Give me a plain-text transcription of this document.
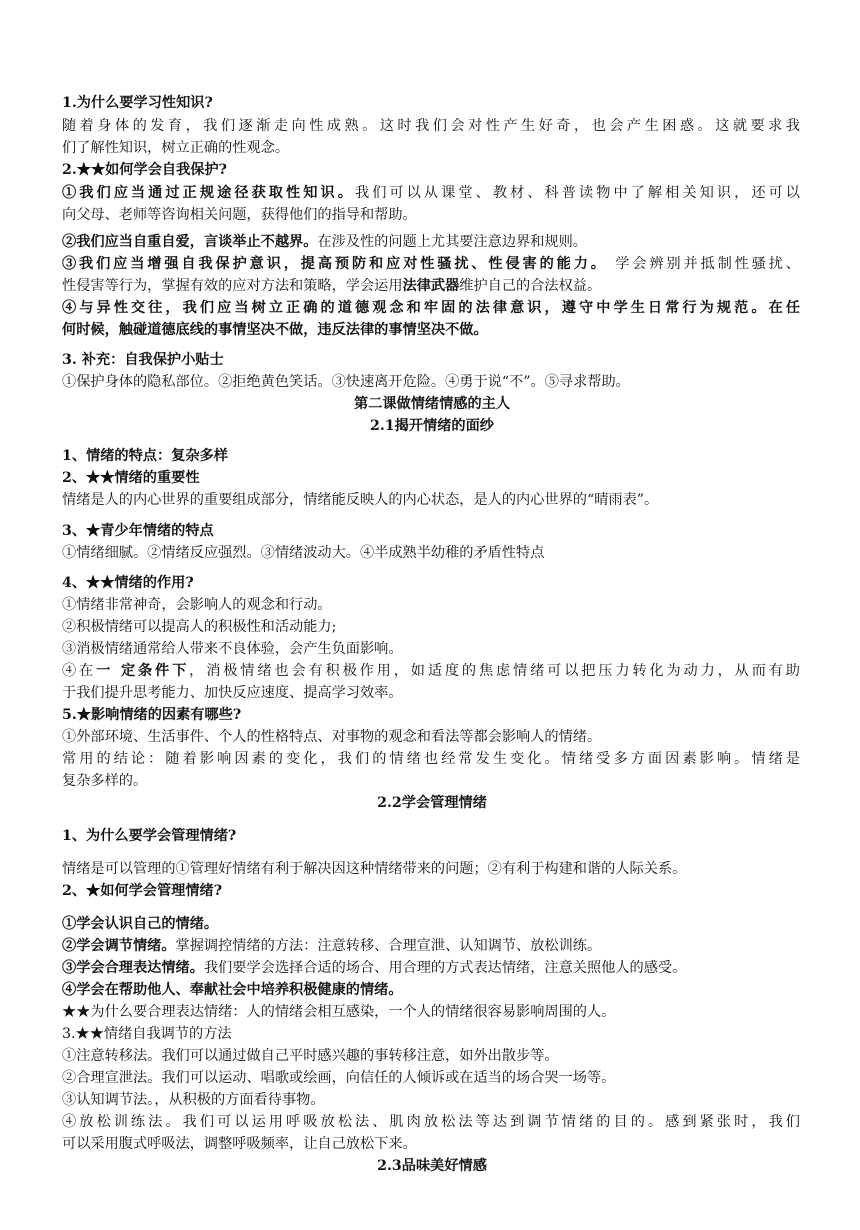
1.为什么要学习性知识?
随着身体的发育，我们逐渐走向性成熟。这时我们会对性产生好奇，也会产生困惑。这就要求我
们了解性知识，树立正确的性观念。
2.★★如何学会自我保护?
①我们应当通过正规途径获取性知识。我们可以从课堂、教材、科普读物中了解相关知识，还可以
向父母、老师等咨询相关问题，获得他们的指导和帮助。
②我们应当自重自爱，言谈举止不越界。在涉及性的问题上尤其要注意边界和规则。
③我们应当增强自我保护意识，提高预防和应对性骚扰、性侵害的能力。 学会辨别并抵制性骚扰、
性侵害等行为，掌握有效的应对方法和策略，学会运用法律武器维护自己的合法权益。
④与异性交往，我们应当树立正确的道德观念和牢固的法律意识，遵守中学生日常行为规范。在任
何时候，触碰道德底线的事情坚决不做，违反法律的事情坚决不做。
3. 补充：自我保护小贴士
①保护身体的隐私部位。②拒绝黄色笑话。③快速离开危险。④勇于说“不”。⑤寻求帮助。
第二课做情绪情感的主人
2.1揭开情绪的面纱
1、情绪的特点：复杂多样
2、★★情绪的重要性
情绪是人的内心世界的重要组成部分，情绪能反映人的内心状态，是人的内心世界的“晴雨表”。
3、★青少年情绪的特点
①情绪细腻。②情绪反应强烈。③情绪波动大。④半成熟半幼稚的矛盾性特点
4、★★情绪的作用?
①情绪非常神奇，会影响人的观念和行动。
②积极情绪可以提高人的积极性和活动能力;
③消极情绪通常给人带来不良体验，会产生负面影响。
④在一 定条件下，消极情绪也会有积极作用，如适度的焦虑情绪可以把压力转化为动力，从而有助
于我们提升思考能力、加快反应速度、提高学习效率。
5.★影响情绪的因素有哪些?
①外部环境、生活事件、个人的性格特点、对事物的观念和看法等都会影响人的情绪。
常用的结论：随着影响因素的变化，我们的情绪也经常发生变化。情绪受多方面因素影响。情绪是
复杂多样的。
2.2学会管理情绪
1、为什么要学会管理情绪?
情绪是可以管理的①管理好情绪有利于解决因这种情绪带来的问题；②有利于构建和谐的人际关系。
2、★如何学会管理情绪?
①学会认识自己的情绪。
②学会调节情绪。掌握调控情绪的方法：注意转移、合理宣泄、认知调节、放松训练。
③学会合理表达情绪。我们要学会选择合适的场合、用合理的方式表达情绪，注意关照他人的感受。
④学会在帮助他人、奉献社会中培养积极健康的情绪。
★★为什么要合理表达情绪：人的情绪会相互感染，一个人的情绪很容易影响周围的人。
3.★★情绪自我调节的方法
①注意转移法。我们可以通过做自己平时感兴趣的事转移注意，如外出散步等。
②合理宣泄法。我们可以运动、唱歌或绘画，向信任的人倾诉或在适当的场合哭一场等。
③认知调节法。，从积极的方面看待事物。
④放松训练法。我们可以运用呼吸放松法、肌肉放松法等达到调节情绪的目的。感到紧张时，我们
可以采用腹式呼吸法，调整呼吸频率，让自己放松下来。
2.3品味美好情感
